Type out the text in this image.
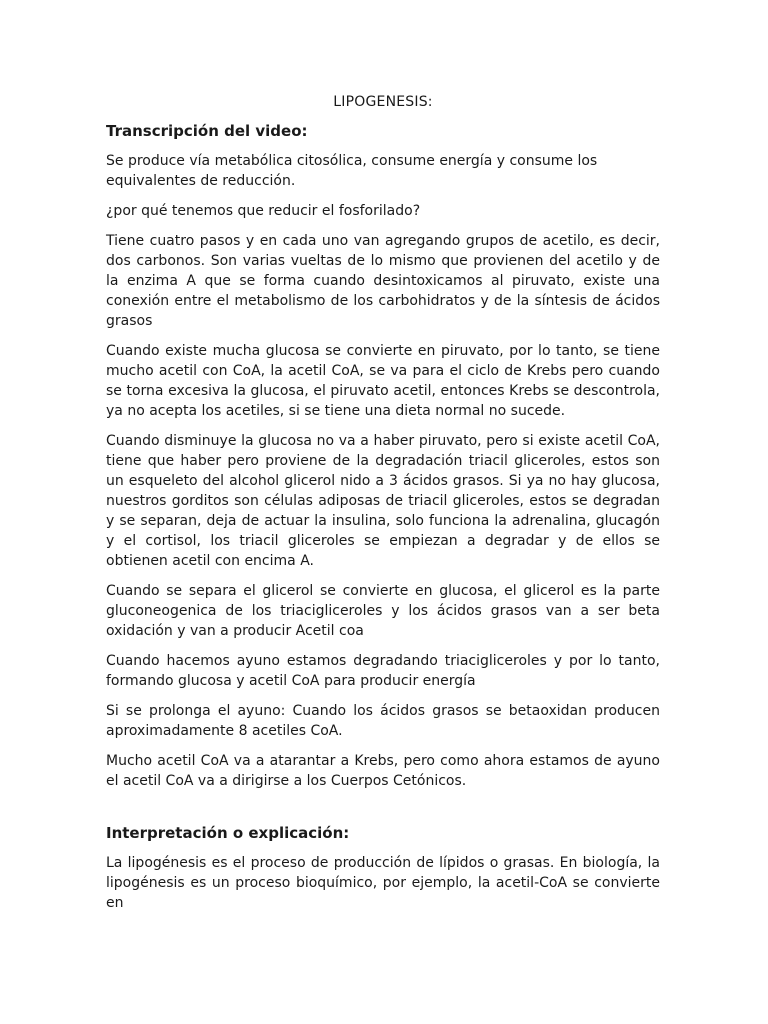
LIPOGENESIS:
Transcripción del video:

Se produce vía metabólica citosólica, consume energía y consume los equivalentes de reducción.

¿por qué tenemos que reducir el fosforilado?

Tiene cuatro pasos y en cada uno van agregando grupos de acetilo, es decir, dos carbonos. Son varias vueltas de lo mismo que provienen del acetilo y de la enzima A que se forma cuando desintoxicamos al piruvato, existe una conexión entre el metabolismo de los carbohidratos y de la síntesis de ácidos grasos

Cuando existe mucha glucosa se convierte en piruvato, por lo tanto, se tiene mucho acetil con CoA, la acetil CoA, se va para el ciclo de Krebs pero cuando se torna excesiva la glucosa, el piruvato acetil, entonces Krebs se descontrola, ya no acepta los acetiles, si se tiene una dieta normal no sucede.

Cuando disminuye la glucosa no va a haber piruvato, pero si existe acetil CoA, tiene que haber pero proviene de la degradación triacil gliceroles, estos son un esqueleto del alcohol glicerol nido a 3 ácidos grasos. Si ya no hay glucosa, nuestros gorditos son células adiposas de triacil gliceroles, estos se degradan y se separan, deja de actuar la insulina, solo funciona la adrenalina, glucagón y el cortisol, los triacil gliceroles se empiezan a degradar y de ellos se obtienen acetil con encima A.

Cuando se separa el glicerol se convierte en glucosa, el glicerol es la parte gluconeogenica de los triacigliceroles y los ácidos grasos van a ser beta oxidación y van a producir Acetil coa

Cuando hacemos ayuno estamos degradando triacigliceroles y por lo tanto, formando glucosa y acetil CoA para producir energía

Si se prolonga el ayuno: Cuando los ácidos grasos se betaoxidan producen aproximadamente 8 acetiles CoA.

Mucho acetil CoA va a atarantar a Krebs, pero como ahora estamos de ayuno el acetil CoA va a dirigirse a los Cuerpos Cetónicos.

Interpretación o explicación:

La lipogénesis es el proceso de producción de lípidos o grasas. En biología, la lipogénesis es un proceso bioquímico, por ejemplo, la acetil-CoA se convierte en
